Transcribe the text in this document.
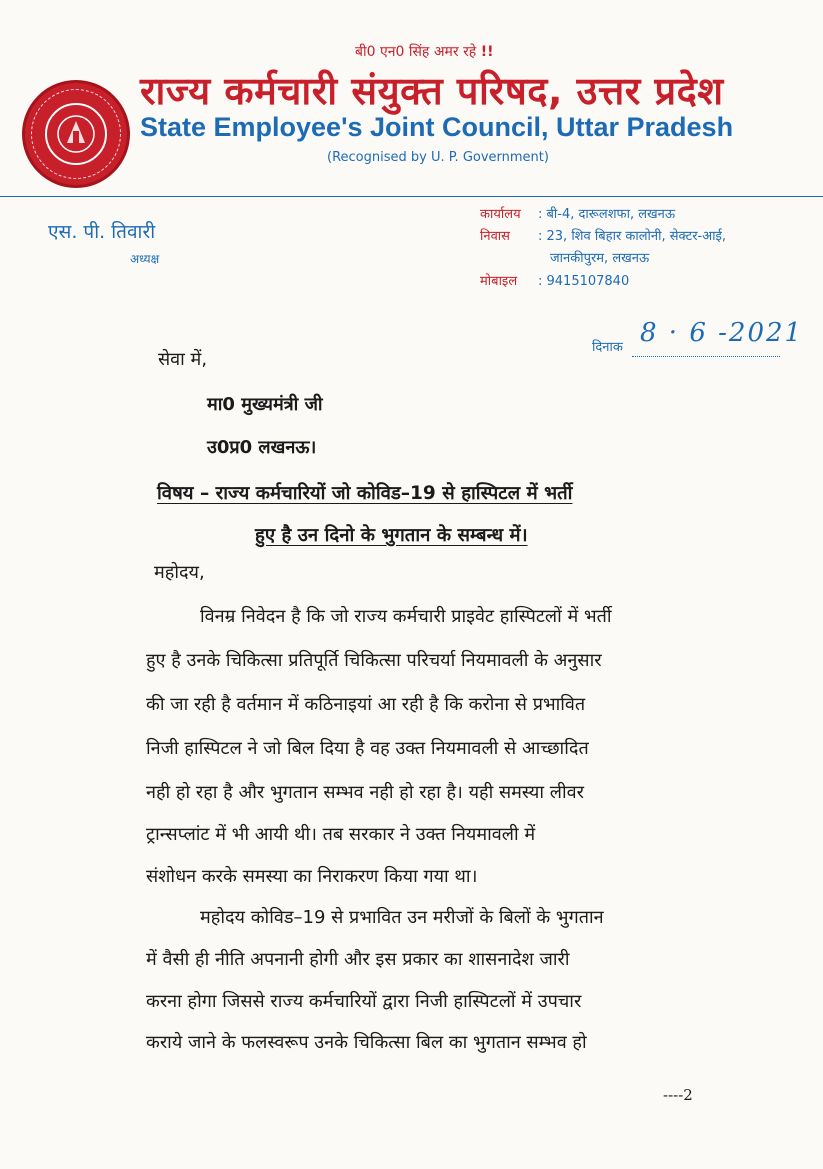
बी0 एन0 सिंह अमर रहे !!
राज्य कर्मचारी संयुक्त परिषद, उत्तर प्रदेश
State Employee's Joint Council, Uttar Pradesh
(Recognised by U. P. Government)
एस. पी. तिवारी
अध्यक्ष
कार्यालय : बी-4, दारूलशफा, लखनऊ
निवास : 23, शिव बिहार कालोनी, सेक्टर-आई,
जानकीपुरम, लखनऊ
मोबाइल : 9415107840
दिनाक 8 · 6 -2021
सेवा में,
मा0 मुख्यमंत्री जी
उ0प्र0 लखनऊ।
विषय – राज्य कर्मचारियों जो कोविड–19 से हास्पिटल में भर्ती
हुए है उन दिनो के भुगतान के सम्बन्ध में।
महोदय,
विनम्र निवेदन है कि जो राज्य कर्मचारी प्राइवेट हास्पिटलों में भर्ती
हुए है उनके चिकित्सा प्रतिपूर्ति चिकित्सा परिचर्या नियमावली के अनुसार
की जा रही है वर्तमान में कठिनाइयां आ रही है कि करोना से प्रभावित
निजी हास्पिटल ने जो बिल दिया है वह उक्त नियमावली से आच्छादित
नही हो रहा है और भुगतान सम्भव नही हो रहा है। यही समस्या लीवर
ट्रान्सप्लांट में भी आयी थी। तब सरकार ने उक्त नियमावली में
संशोधन करके समस्या का निराकरण किया गया था।
महोदय कोविड–19 से प्रभावित उन मरीजों के बिलों के भुगतान
में वैसी ही नीति अपनानी होगी और इस प्रकार का शासनादेश जारी
करना होगा जिससे राज्य कर्मचारियों द्वारा निजी हास्पिटलों में उपचार
कराये जाने के फलस्वरूप उनके चिकित्सा बिल का भुगतान सम्भव हो
----2
